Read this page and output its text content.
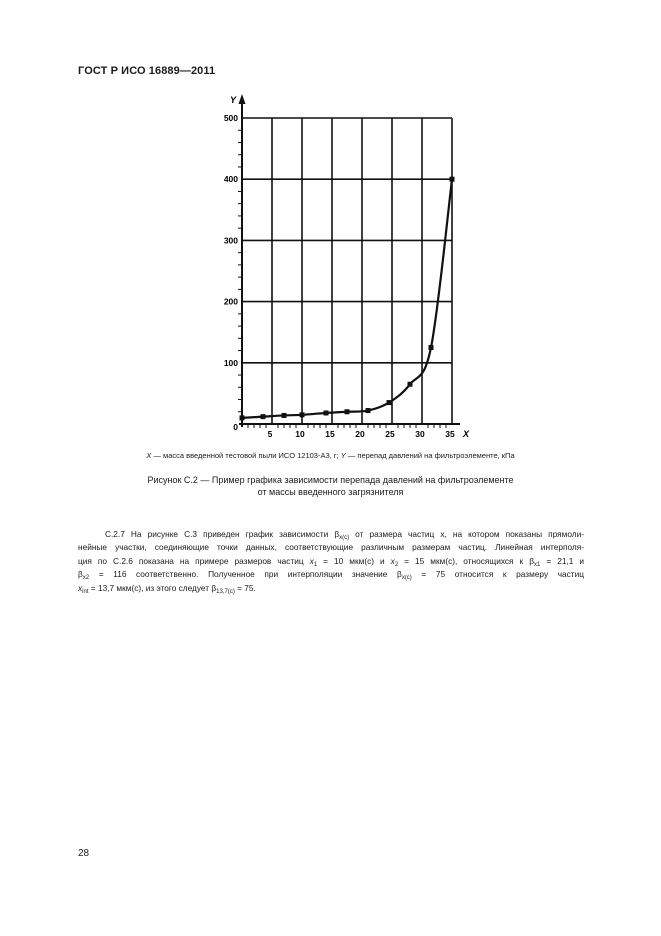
ГОСТ Р ИСО 16889—2011
5	10 15 20 25 30 35
100
200
300
400
500
0
X
Y
X — масса введенной тестовой пыли ИСО 12103-А3, г; Y — перепад давлений на фильтроэлементе, кПа
Рисунок С.2 — Пример графика зависимости перепада давлений на фильтроэлементе
от массы введенного загрязнителя
С.2.7 На рисунке С.3 приведен график зависимости $\beta_{x(c)}$ от размера частиц x, на котором показаны прямоли-
нейные участки, соединяющие точки данных, соответствующие различным размерам частиц. Линейная интерполя-
ция по С.2.6 показана на примере размеров частиц $x_1 = 10$ мкм(с) и $x_2 = 15$ мкм(с), относящихся к $\beta_{x1} = 21,1$ и
$\beta_{x2} = 116$ соответственно. Полученное при интерполяции значение $\beta_{x(c)} = 75$ относится к размеру частиц
$x_{int} = 13,7$ мкм(с), из этого следует $\beta_{13,7(c)} = 75$.
28
